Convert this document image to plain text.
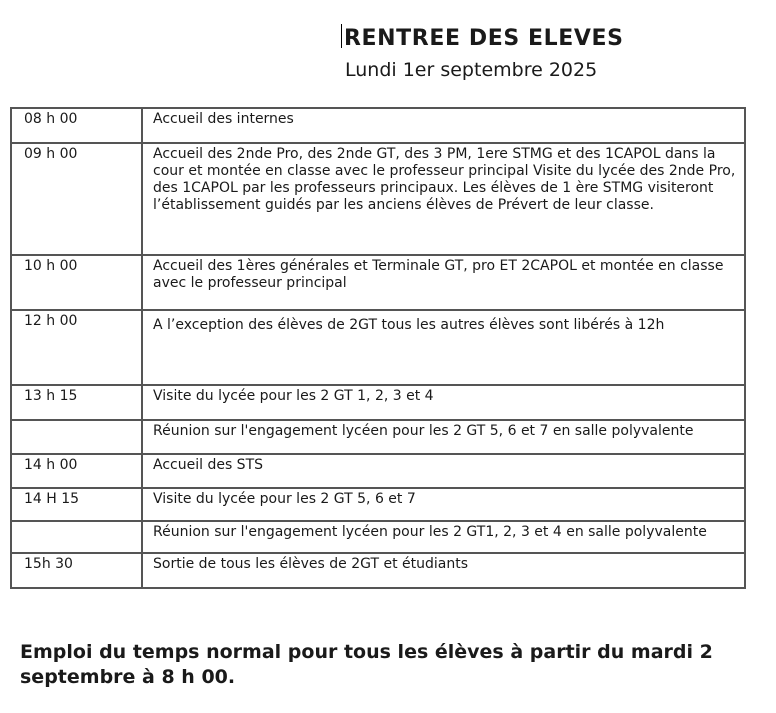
RENTREE DES ELEVES
Lundi 1er septembre 2025
08 h 00	Accueil des internes

09 h 00	Accueil des 2nde Pro, des 2nde GT, des 3 PM, 1ere STMG et des 1CAPOL dans la cour et montée en classe avec le professeur principal Visite du lycée des 2nde Pro, des 1CAPOL par les professeurs principaux. Les élèves de 1 ère STMG visiteront l’établissement guidés par les anciens élèves de Prévert de leur classe.

10 h 00	Accueil des 1ères générales et Terminale GT, pro ET 2CAPOL et montée en classe avec le professeur principal

12 h 00	A l’exception des élèves de 2GT tous les autres élèves sont libérés à 12h

13 h 15	Visite du lycée pour les 2 GT 1, 2, 3 et 4

	Réunion sur l'engagement lycéen pour les 2 GT 5, 6 et 7 en salle polyvalente

14 h 00	Accueil des STS

14 H 15	Visite du lycée pour les 2 GT 5, 6 et 7

	Réunion sur l'engagement lycéen pour les 2 GT1, 2, 3 et 4 en salle polyvalente

15h 30	Sortie de tous les élèves de 2GT et étudiants
Emploi du temps normal pour tous les élèves à partir du mardi 2 septembre à 8 h 00.
